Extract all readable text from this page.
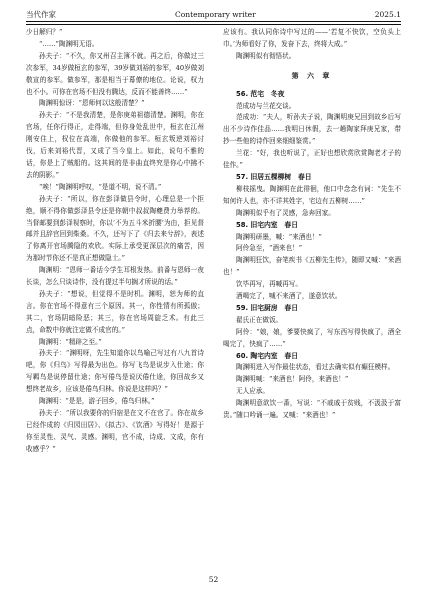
当代作家	Contemporary writer	2025.1

少日解归？”

“……”陶渊明无语。

孙夫子：“不久，你又州召主簿不就。再之后，你做过三次参军，34岁做桓玄的参军，39岁做刘裕的参军，40岁做刘敬宣的参军。做参军，那是相当于幕僚的地位。论说，权力也不小。可你在官场不但没有腾达，反而不能善终……”

陶渊明惊讶：“恩师何以这般清楚？”

孙夫子：“不是我清楚，是你庚弟祖德清楚。渊明，你在官场，任你行得正，走得端，但你身处乱世中，桓玄在江州刚安住上，权位在高端，你做他的参军。桓玄叛逆刘裕讨伐，后来刘裕代晋，又成了当今皇上。如此，说句不雅的话，你是上了贼船的。这其间的是非曲直终究是你心中拂不去的阴影。”

“唉！”陶渊明呼叹，“是道不明，说不清。”

孙夫子：“所以，你在彭泽做县令时，心理总是一个拒绝，顺不得你做彭泽县令还是你朝中叔叔陶夔费力举荐的。当督邮要到彭泽视察时，你以‘不为五斗米折腰’为由，拒见督邮并且辞官回到柴桑。不久，还写下了《归去来兮辞》，表述了你离开官场腾隐的欢欣。实际上承受更深层次的痛苦，因为那时节你还不是真正想做隐士。”

陶渊明：“恩师一番话今学生耳根发热。前番与恩师一夜长谈，怎么只谈诗作，没有提过半句搁才所说的话。”

孙夫子：“想说，但觉得不是时机。渊明，恕为师的直言。你在官场不得意有三个原因。其一，你性情有所孤傲；其二，官场阴暗险恶；其三，你在官场周旋乏术。有此三点，命数中你就注定做不成官的。”

陶渊明：“精辟之至。”

孙夫子：“渊明呀，先生知道你以鸟喻己写过有八九首诗吧，你《归鸟》写得最为出色。你写飞鸟是说步入仕途；你写羁鸟是说停留仕途；你写倦鸟是说厌倦仕途，你回故乡又想终老故乡，应该是倦鸟归林。你说是这样吗？”

陶渊明：“是是，游子回乡，倦鸟归林。”

孙夫子：“所以我要你的归宿是在文不在官了。你在故乡已经作成的《归园田居》、《拟古》、《饮酒》写得好！是源于你至灵性、灵气、灵感。渊明，官不成，诗成、文成，你有收感乎？”

应该有。我认同你诗中写过的——‘若复不快饮，空负头上巾。’为师看好了你，发奋下去，终将大成。”

陶渊明似有彻悟状。

第 六 章

56. 范宅　冬夜

范成功与兰花交谈。

范成功：“夫人，听孙夫子说，陶渊明庚兄回到故乡后写出不少诗作佳品……我明日休假，去一趟陶家拜庚兄家，带抄一些他的诗作回来细细鉴赏。”

兰花：“好，我也听说了，正好也想欣赏欣赏陶老才子的佳作。”

57. 旧居五棵柳树　春日

柳枝摇曳。陶渊明在此徘徊，他口中念念有词：“先生不知何许人也，亦不详其姓字，宅边有五柳树……”

陶渊明似乎有了灵感，急奔回家。

58. 旧宅内室　春日

陶渊明研墨，喊：“来酒也！”

阿伶急至，“酒来也！”

陶渊明狂饮，奋笔疾书《五柳先生传》，随即又喊：“来酒也！”

饮毕再写，再喊再写。

酒喝完了，喊不来酒了，遂意饮状。

59. 旧宅厨房　春日

翟氏正在做饭。

阿伶：“娘，娘，爹要快疯了，写东西写得快疯了，酒全喝完了，快疯了……”

60. 陶宅内室　春日

陶渊明进入写作最佳状态，看过去确实似有癫狂模样。

陶渊明喊：“来酒也！阿伶，来酒也！”

无人应承。

陶渊明意欲饮一番，写说：“不戚戚于贫贱，不汲汲于富贵。”随口吟诵一遍。又喊：“来酒也！”

52
